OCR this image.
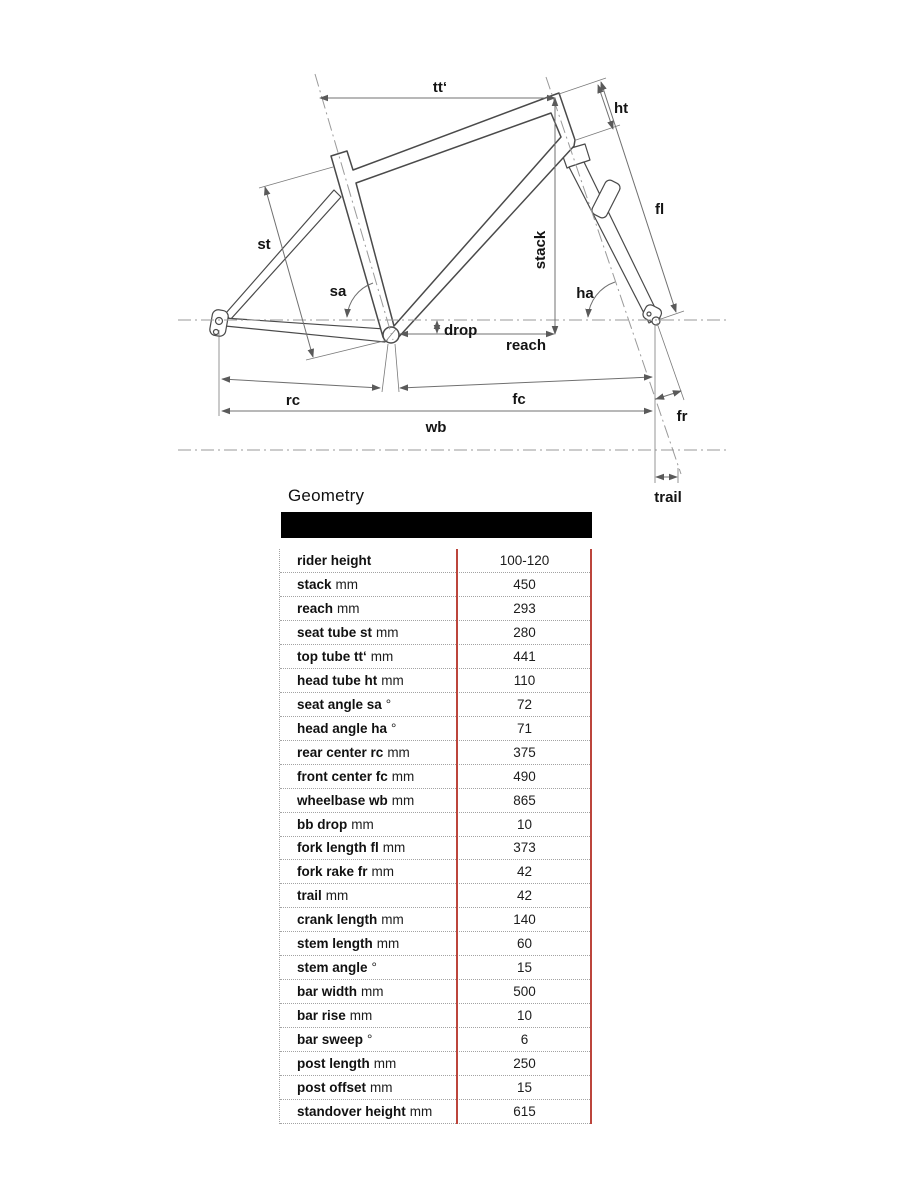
tt‘
ht
fl
st	stack
sa	ha
drop
reach
rc	fc
wb
fr
trail
Geometry
rider height	100-120
stack mm	450
reach mm	293
seat tube st mm	280
top tube tt‘ mm	441
head tube ht mm	110
seat angle sa °	72
head angle ha °	71
rear center rc mm	375
front center fc mm	490
wheelbase wb mm	865
bb drop mm	10
fork length fl mm	373
fork rake fr mm	42
trail mm	42
crank length mm	140
stem length mm	60
stem angle °	15
bar width mm	500
bar rise mm	10
bar sweep °	6
post length mm	250
post offset mm	15
standover height mm	615
